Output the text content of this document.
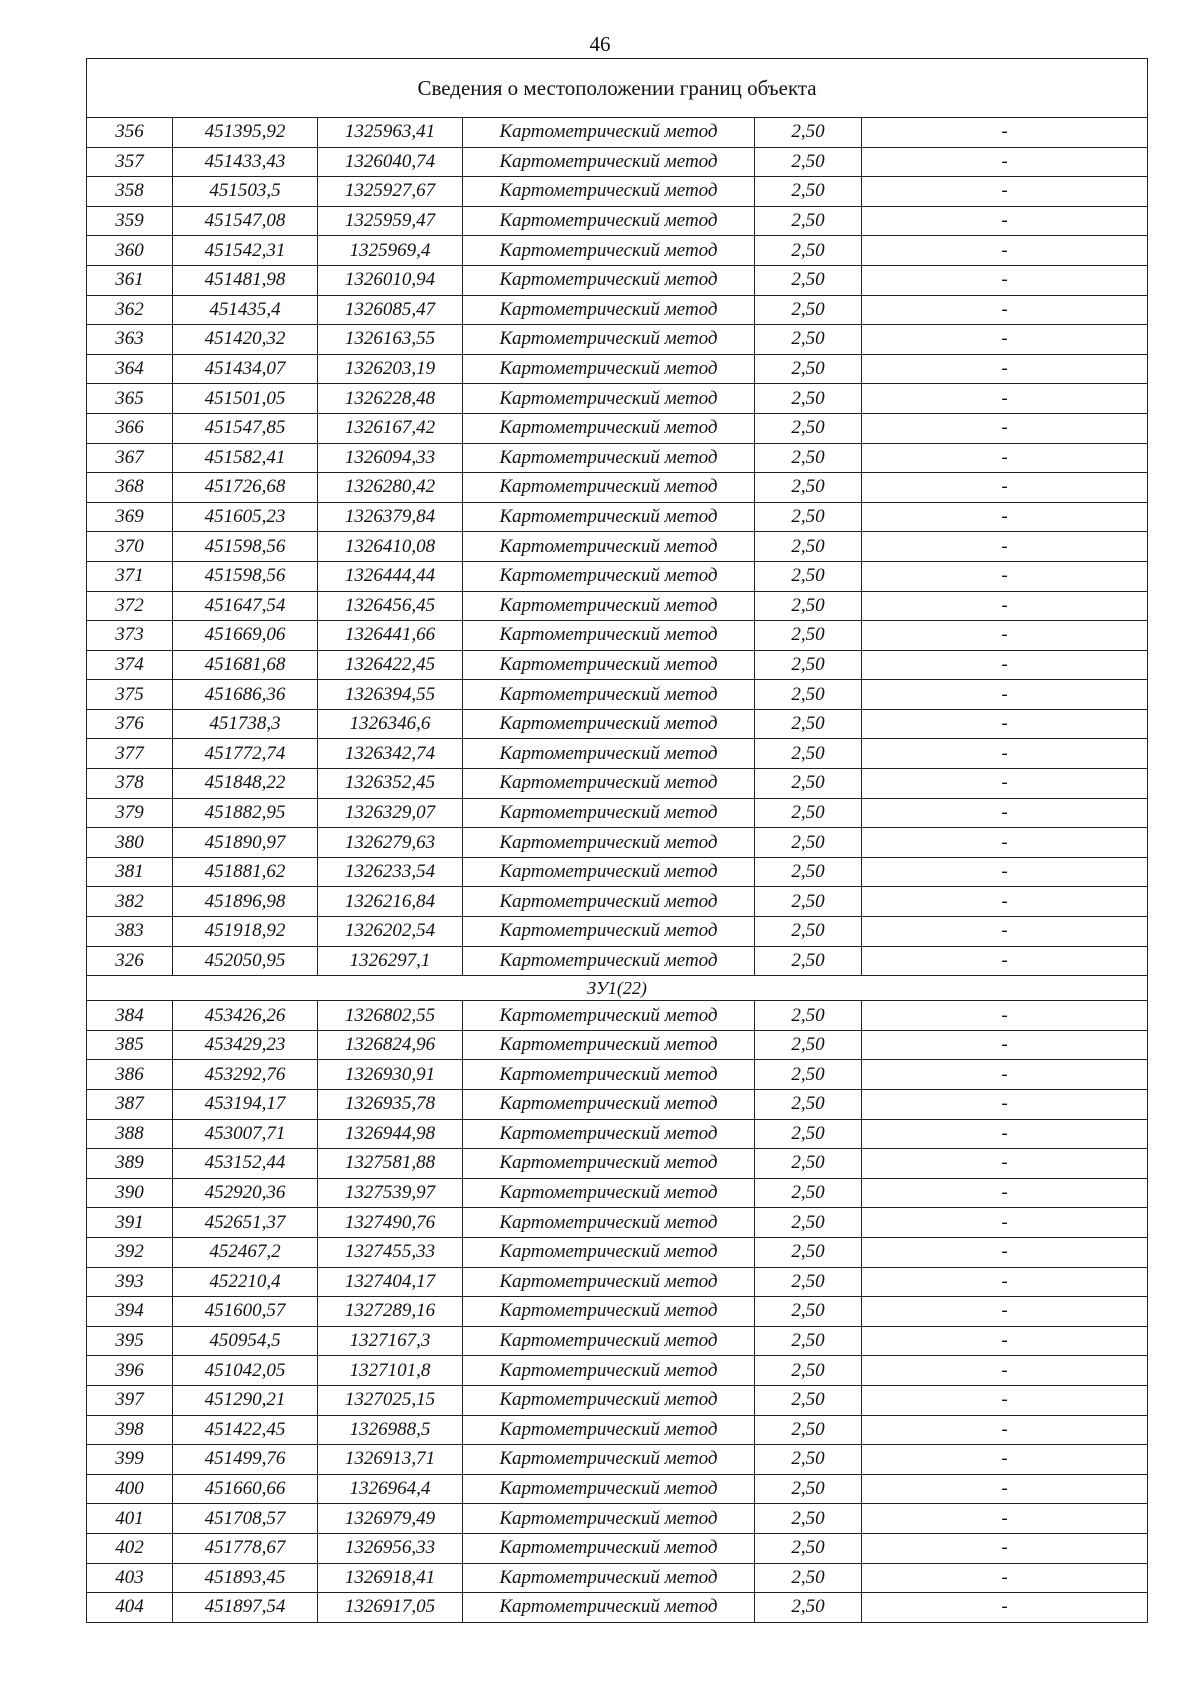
46
Сведения о местоположении границ объекта					
356	451395,92	1325963,41	Картометрический метод	2,50	-
357	451433,43	1326040,74	Картометрический метод	2,50	-
358	451503,5	1325927,67	Картометрический метод	2,50	-
359	451547,08	1325959,47	Картометрический метод	2,50	-
360	451542,31	1325969,4	Картометрический метод	2,50	-
361	451481,98	1326010,94	Картометрический метод	2,50	-
362	451435,4	1326085,47	Картометрический метод	2,50	-
363	451420,32	1326163,55	Картометрический метод	2,50	-
364	451434,07	1326203,19	Картометрический метод	2,50	-
365	451501,05	1326228,48	Картометрический метод	2,50	-
366	451547,85	1326167,42	Картометрический метод	2,50	-
367	451582,41	1326094,33	Картометрический метод	2,50	-
368	451726,68	1326280,42	Картометрический метод	2,50	-
369	451605,23	1326379,84	Картометрический метод	2,50	-
370	451598,56	1326410,08	Картометрический метод	2,50	-
371	451598,56	1326444,44	Картометрический метод	2,50	-
372	451647,54	1326456,45	Картометрический метод	2,50	-
373	451669,06	1326441,66	Картометрический метод	2,50	-
374	451681,68	1326422,45	Картометрический метод	2,50	-
375	451686,36	1326394,55	Картометрический метод	2,50	-
376	451738,3	1326346,6	Картометрический метод	2,50	-
377	451772,74	1326342,74	Картометрический метод	2,50	-
378	451848,22	1326352,45	Картометрический метод	2,50	-
379	451882,95	1326329,07	Картометрический метод	2,50	-
380	451890,97	1326279,63	Картометрический метод	2,50	-
381	451881,62	1326233,54	Картометрический метод	2,50	-
382	451896,98	1326216,84	Картометрический метод	2,50	-
383	451918,92	1326202,54	Картометрический метод	2,50	-
326	452050,95	1326297,1	Картометрический метод	2,50	-
ЗУ1(22)					
384	453426,26	1326802,55	Картометрический метод	2,50	-
385	453429,23	1326824,96	Картометрический метод	2,50	-
386	453292,76	1326930,91	Картометрический метод	2,50	-
387	453194,17	1326935,78	Картометрический метод	2,50	-
388	453007,71	1326944,98	Картометрический метод	2,50	-
389	453152,44	1327581,88	Картометрический метод	2,50	-
390	452920,36	1327539,97	Картометрический метод	2,50	-
391	452651,37	1327490,76	Картометрический метод	2,50	-
392	452467,2	1327455,33	Картометрический метод	2,50	-
393	452210,4	1327404,17	Картометрический метод	2,50	-
394	451600,57	1327289,16	Картометрический метод	2,50	-
395	450954,5	1327167,3	Картометрический метод	2,50	-
396	451042,05	1327101,8	Картометрический метод	2,50	-
397	451290,21	1327025,15	Картометрический метод	2,50	-
398	451422,45	1326988,5	Картометрический метод	2,50	-
399	451499,76	1326913,71	Картометрический метод	2,50	-
400	451660,66	1326964,4	Картометрический метод	2,50	-
401	451708,57	1326979,49	Картометрический метод	2,50	-
402	451778,67	1326956,33	Картометрический метод	2,50	-
403	451893,45	1326918,41	Картометрический метод	2,50	-
404	451897,54	1326917,05	Картометрический метод	2,50	-
